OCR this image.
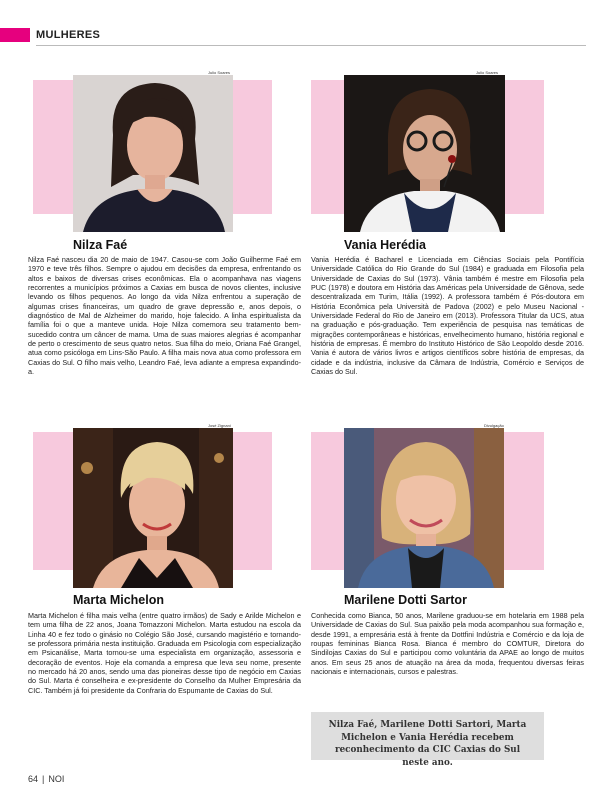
MULHERES
Julio Soares
Nilza Faé

Nilza Faé nasceu dia 20 de maio de 1947. Casou-se com João Guilherme Faé em 1970 e teve três filhos. Sempre o ajudou em decisões da empresa, enfrentando os altos e baixos de diversas crises econômicas. Ela o acompanhava nas viagens recorrentes a municípios próximos a Caxias em busca de novos clientes, inclusive levando os filhos pequenos. Ao longo da vida Nilza enfrentou a superação de algumas crises financeiras, um quadro de grave depressão e, anos depois, o diagnóstico de Mal de Alzheimer do marido, hoje falecido. A linha espiritualista da família foi o que a manteve unida. Hoje Nilza comemora seu tratamento bem-sucedido contra um câncer de mama. Uma de suas maiores alegrias é acompanhar de perto o crescimento de seus quatro netos. Sua filha do meio, Oriana Faé Grangel, atua como psicóloga em Lins-São Paulo. A filha mais nova atua como professora em Caxias do Sul. O filho mais velho, Leandro Faé, leva adiante a empresa expandindo-a.

Julio Soares
Vania Herédia

Vania Herédia é Bacharel e Licenciada em Ciências Sociais pela Pontifícia Universidade Católica do Rio Grande do Sul (1984) e graduada em Filosofia pela Universidade de Caxias do Sul (1973). Vânia também é mestre em Filosofia pela PUC (1978) e doutora em História das Américas pela Universidade de Gênova, sede descentralizada em Turim, Itália (1992). A professora também é Pós-doutora em História Econômica pela Università de Padova (2002) e pelo Museu Nacional - Universidade Federal do Rio de Janeiro em (2013). Professora Titular da UCS, atua na graduação e pós-graduação. Tem experiência de pesquisa nas temáticas de migrações contemporâneas e históricas, envelhecimento humano, história regional e história de empresas. É membro do Instituto Histórico de São Leopoldo desde 2016. Vania é autora de vários livros e artigos científicos sobre história de empresas, da cidade e da indústria, inclusive da Câmara de Indústria, Comércio e Serviços de Caxias do Sul.

José Zignani
Marta Michelon

Marta Michelon é filha mais velha (entre quatro irmãos) de Sady e Arilde Michelon e tem uma filha de 22 anos, Joana Tomazzoni Michelon. Marta estudou na escola da Linha 40 e fez todo o ginásio no Colégio São José, cursando magistério e tornando-se professora primária nesta instituição. Graduada em Psicologia com especialização em Psicanálise, Marta tornou-se uma especialista em organização, assessoria e decoração de eventos. Hoje ela comanda a empresa que leva seu nome, presente no mercado há 20 anos, sendo uma das pioneiras desse tipo de negócio em Caxias do Sul. Marta é conselheira e ex-presidente do Conselho da Mulher Empresária da CIC. Também já foi presidente da Confraria do Espumante de Caxias do Sul.

Divulgação
Marilene Dotti Sartor

Conhecida como Bianca, 50 anos, Marilene graduou-se em hotelaria em 1988 pela Universidade de Caxias do Sul. Sua paixão pela moda acompanhou sua formação e, desde 1991, a empresária está à frente da Dottfini Indústria e Comércio e da loja de roupas femininas Bianca Rosa. Bianca é membro do COMTUR, Diretora do Sindilojas Caxias do Sul e participou como voluntária da APAE ao longo de muitos anos. Em seus 25 anos de atuação na área da moda, frequentou diversas feiras nacionais e internacionais, cursos e palestras.

Nilza Faé, Marilene Dotti Sartori, Marta Michelon e Vania Herédia recebem reconhecimento da CIC Caxias do Sul neste ano.

64 | NOI
